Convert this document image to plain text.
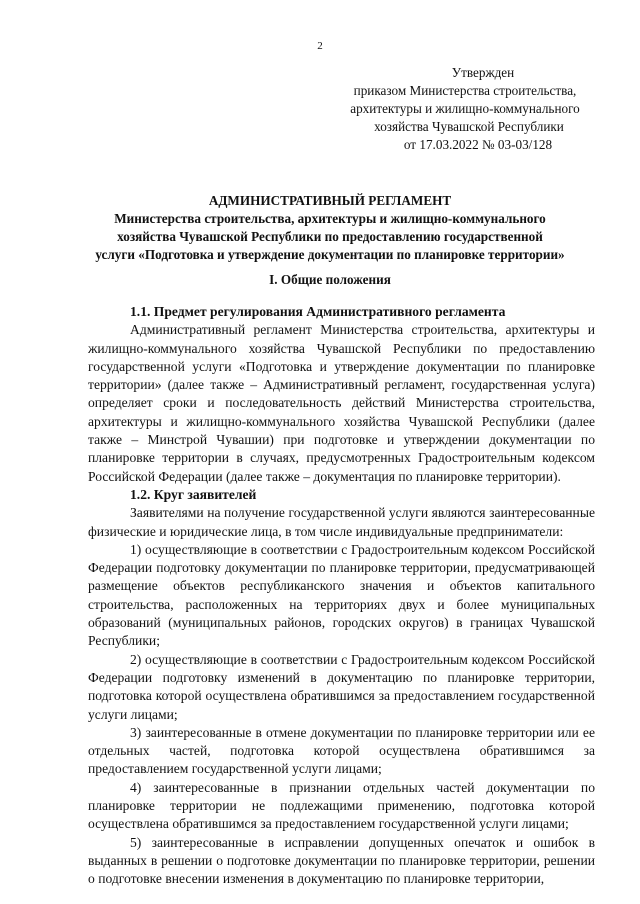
2
Утвержден
приказом Министерства строительства,
архитектуры и жилищно-коммунального
хозяйства Чувашской Республики
от 17.03.2022 № 03-03/128
АДМИНИСТРАТИВНЫЙ РЕГЛАМЕНТ
Министерства строительства, архитектуры и жилищно-коммунального
хозяйства Чувашской Республики по предоставлению государственной
услуги «Подготовка и утверждение документации по планировке территории»
I. Общие положения
1.1. Предмет регулирования Административного регламента

Административный регламент Министерства строительства, архитектуры и жилищно-коммунального хозяйства Чувашской Республики по предоставлению государственной услуги «Подготовка и утверждение документации по планировке территории» (далее также – Административный регламент, государственная услуга) определяет сроки и последовательность действий Министерства строительства, архитектуры и жилищно-коммунального хозяйства Чувашской Республики (далее также – Минстрой Чувашии) при подготовке и утверждении документации по планировке территории в случаях, предусмотренных Градостроительным кодексом Российской Федерации (далее также – документация по планировке территории).

1.2. Круг заявителей

Заявителями на получение государственной услуги являются заинтересованные физические и юридические лица, в том числе индивидуальные предприниматели:

1) осуществляющие в соответствии с Градостроительным кодексом Российской Федерации подготовку документации по планировке территории, предусматривающей размещение объектов республиканского значения и объектов капитального строительства, расположенных на территориях двух и более муниципальных образований (муниципальных районов, городских округов) в границах Чувашской Республики;

2) осуществляющие в соответствии с Градостроительным кодексом Российской Федерации подготовку изменений в документацию по планировке территории, подготовка которой осуществлена обратившимся за предоставлением государственной услуги лицами;

3) заинтересованные в отмене документации по планировке территории или ее отдельных частей, подготовка которой осуществлена обратившимся за предоставлением государственной услуги лицами;

4) заинтересованные в признании отдельных частей документации по планировке территории не подлежащими применению, подготовка которой осуществлена обратившимся за предоставлением государственной услуги лицами;

5) заинтересованные в исправлении допущенных опечаток и ошибок в выданных в решении о подготовке документации по планировке территории, решении о подготовке внесении изменения в документацию по планировке территории,
